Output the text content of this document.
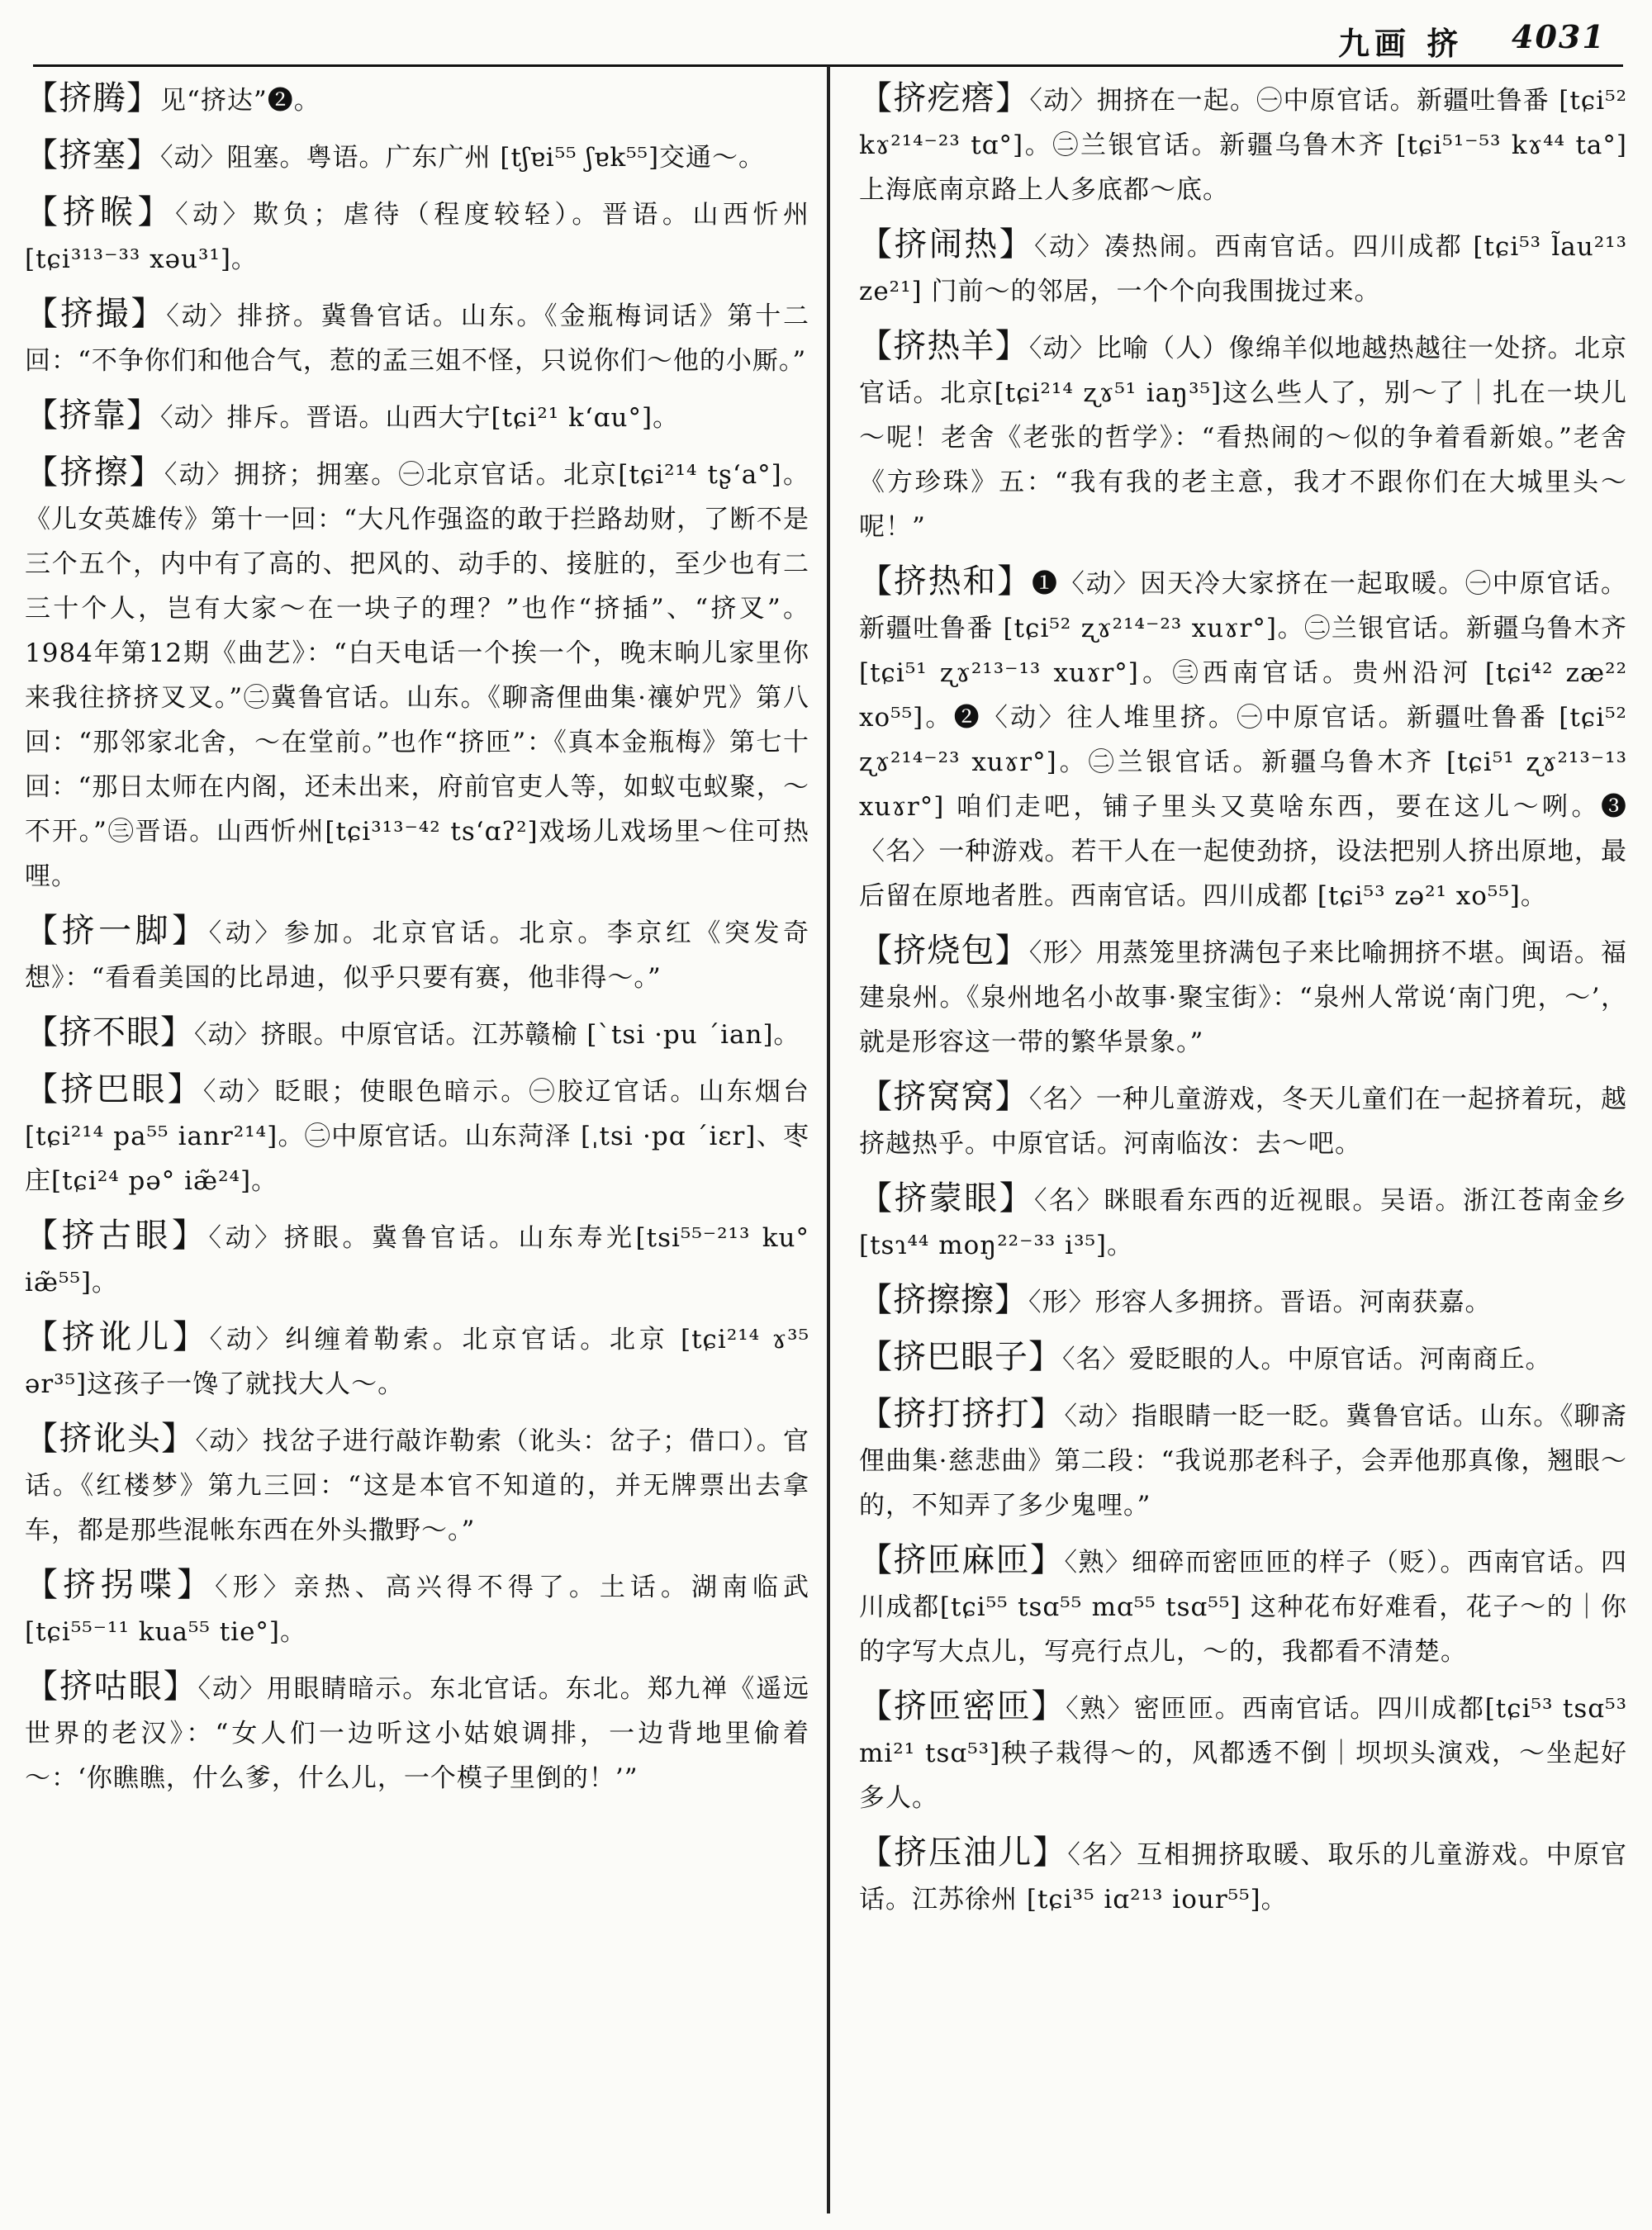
九画 挤 4031

【挤腾】见“挤达”❷。

【挤塞】〈动〉阻塞。粤语。广东广州 [tʃɐi⁵⁵ ʃɐk⁵⁵]交通～。

【挤睺】〈动〉欺负；虐待（程度较轻）。晋语。山西忻州[tɕi³¹³⁻³³ xəu³¹]。

【挤撮】〈动〉排挤。冀鲁官话。山东。《金瓶梅词话》第十二回：“不争你们和他合气，惹的孟三姐不怪，只说你们～他的小厮。”

【挤靠】〈动〉排斥。晋语。山西大宁[tɕi²¹ kʻɑu°]。

【挤擦】〈动〉拥挤；拥塞。㊀北京官话。北京[tɕi²¹⁴ tʂʻa°]。《儿女英雄传》第十一回：“大凡作强盗的敢于拦路劫财，了断不是三个五个，内中有了高的、把风的、动手的、接脏的，至少也有二三十个人，岂有大家～在一块子的理？”也作“挤插”、“挤叉”。1984年第12期《曲艺》：“白天电话一个挨一个，晚末晌儿家里你来我往挤挤叉叉。”㊁冀鲁官话。山东。《聊斋俚曲集·禳妒咒》第八回：“那邻家北舍，～在堂前。”也作“挤匝”：《真本金瓶梅》第七十回：“那日太师在内阁，还未出来，府前官吏人等，如蚁屯蚁聚，～不开。”㊂晋语。山西忻州[tɕi³¹³⁻⁴² tsʻɑʔ²]戏场儿戏场里～住可热哩。

【挤一脚】〈动〉参加。北京官话。北京。李京红《突发奇想》：“看看美国的比昂迪，似乎只要有赛，他非得～。”

【挤不眼】〈动〉挤眼。中原官话。江苏赣榆 [ˋtsi ·pu ˊian]。

【挤巴眼】〈动〉眨眼；使眼色暗示。㊀胶辽官话。山东烟台[tɕi²¹⁴ pa⁵⁵ ianr²¹⁴]。㊁中原官话。山东菏泽 [ˌtsi ·pɑ ˊiɛr]、枣庄[tɕi²⁴ pə° iæ̃²⁴]。

【挤古眼】〈动〉挤眼。冀鲁官话。山东寿光[tsi⁵⁵⁻²¹³ ku° iæ̃⁵⁵]。

【挤讹儿】〈动〉纠缠着勒索。北京官话。北京 [tɕi²¹⁴ ɤ³⁵ ər³⁵]这孩子一馋了就找大人～。

【挤讹头】〈动〉找岔子进行敲诈勒索（讹头：岔子；借口）。官话。《红楼梦》第九三回：“这是本官不知道的，并无牌票出去拿车，都是那些混帐东西在外头撒野～。”

【挤拐喋】〈形〉亲热、高兴得不得了。土话。湖南临武 [tɕi⁵⁵⁻¹¹ kua⁵⁵ tie°]。

【挤咕眼】〈动〉用眼睛暗示。东北官话。东北。郑九禅《遥远世界的老汉》：“女人们一边听这小姑娘调排，一边背地里偷着～：‘你瞧瞧，什么爹，什么儿，一个模子里倒的！’”

【挤疙瘩】〈动〉拥挤在一起。㊀中原官话。新疆吐鲁番 [tɕi⁵² kɤ²¹⁴⁻²³ tɑ°]。㊁兰银官话。新疆乌鲁木齐 [tɕi⁵¹⁻⁵³ kɤ⁴⁴ ta°] 上海底南京路上人多底都～底。

【挤闹热】〈动〉凑热闹。西南官话。四川成都 [tɕi⁵³ l̃au²¹³ ze²¹] 门前～的邻居，一个个向我围拢过来。

【挤热羊】〈动〉比喻（人）像绵羊似地越热越往一处挤。北京官话。北京[tɕi²¹⁴ ʐɤ⁵¹ iaŋ³⁵]这么些人了，别～了｜扎在一块儿～呢！老舍《老张的哲学》：“看热闹的～似的争着看新娘。”老舍《方珍珠》五：“我有我的老主意，我才不跟你们在大城里头～呢！”

【挤热和】❶〈动〉因天冷大家挤在一起取暖。㊀中原官话。新疆吐鲁番 [tɕi⁵² ʐɤ²¹⁴⁻²³ xuɤr°]。㊁兰银官话。新疆乌鲁木齐 [tɕi⁵¹ ʐɤ²¹³⁻¹³ xuɤr°]。㊂西南官话。贵州沿河 [tɕi⁴² zæ²² xo⁵⁵]。❷〈动〉往人堆里挤。㊀中原官话。新疆吐鲁番 [tɕi⁵² ʐɤ²¹⁴⁻²³ xuɤr°]。㊁兰银官话。新疆乌鲁木齐 [tɕi⁵¹ ʐɤ²¹³⁻¹³ xuɤr°] 咱们走吧，铺子里头又莫啥东西，要在这儿～咧。❸〈名〉一种游戏。若干人在一起使劲挤，设法把别人挤出原地，最后留在原地者胜。西南官话。四川成都 [tɕi⁵³ zə²¹ xo⁵⁵]。

【挤烧包】〈形〉用蒸笼里挤满包子来比喻拥挤不堪。闽语。福建泉州。《泉州地名小故事·聚宝街》：“泉州人常说‘南门兜，～’，就是形容这一带的繁华景象。”

【挤窝窝】〈名〉一种儿童游戏，冬天儿童们在一起挤着玩，越挤越热乎。中原官话。河南临汝：去～吧。

【挤蒙眼】〈名〉眯眼看东西的近视眼。吴语。浙江苍南金乡 [tsɿ⁴⁴ moŋ²²⁻³³ i³⁵]。

【挤擦擦】〈形〉形容人多拥挤。晋语。河南获嘉。

【挤巴眼子】〈名〉爱眨眼的人。中原官话。河南商丘。

【挤打挤打】〈动〉指眼睛一眨一眨。冀鲁官话。山东。《聊斋俚曲集·慈悲曲》第二段：“我说那老科子，会弄他那真像，翘眼～的，不知弄了多少鬼哩。”

【挤匝麻匝】〈熟〉细碎而密匝匝的样子（贬）。西南官话。四川成都[tɕi⁵⁵ tsɑ⁵⁵ mɑ⁵⁵ tsɑ⁵⁵] 这种花布好难看，花子～的｜你的字写大点儿，写亮行点儿，～的，我都看不清楚。

【挤匝密匝】〈熟〉密匝匝。西南官话。四川成都[tɕi⁵³ tsɑ⁵³ mi²¹ tsɑ⁵³]秧子栽得～的，风都透不倒｜坝坝头演戏，～坐起好多人。

【挤压油儿】〈名〉互相拥挤取暖、取乐的儿童游戏。中原官话。江苏徐州 [tɕi³⁵ iɑ²¹³ iour⁵⁵]。
